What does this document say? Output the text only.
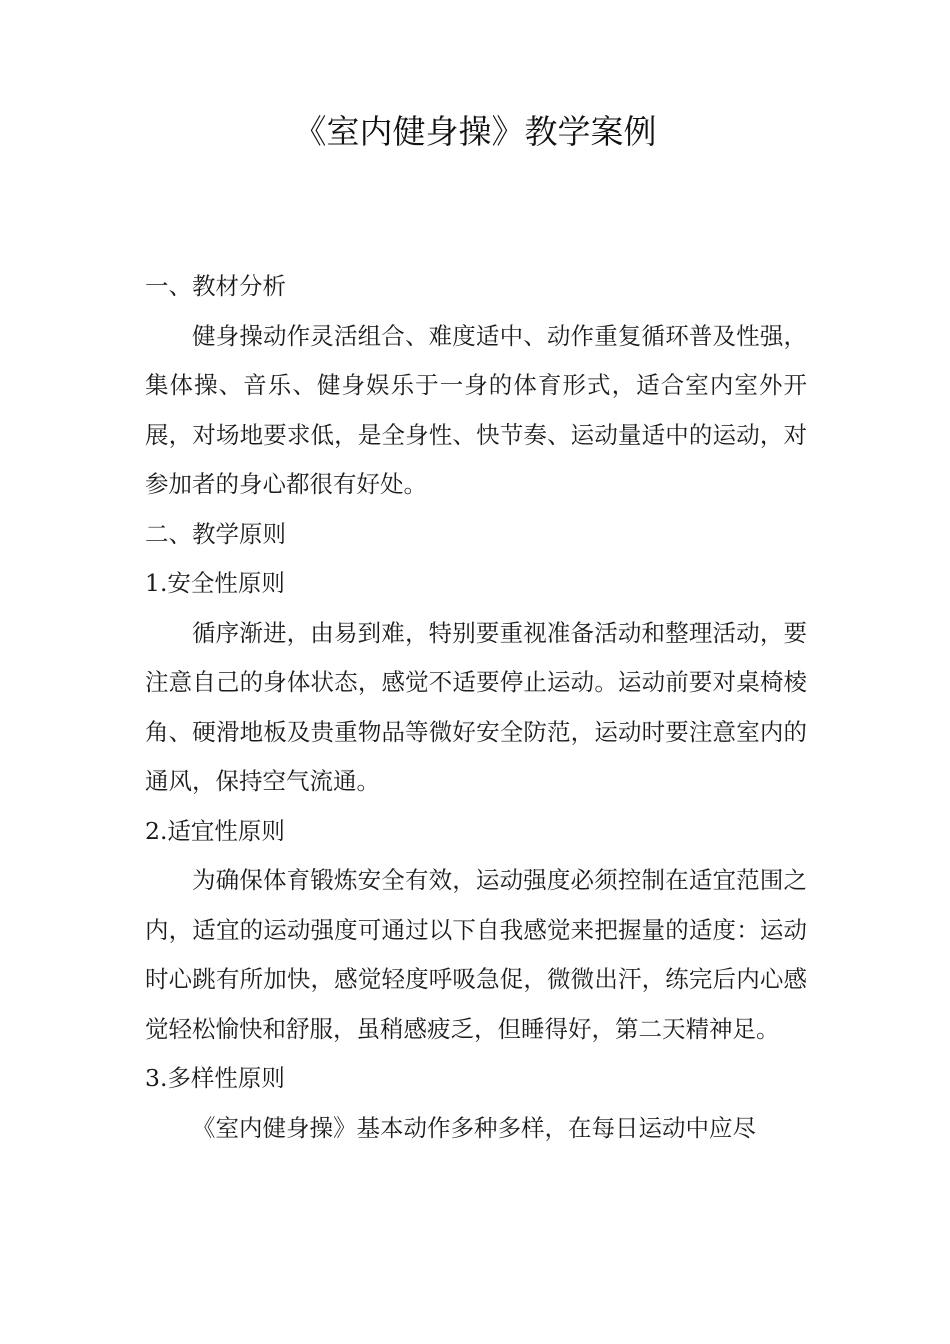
《室内健身操》教学案例

一、教材分析

健身操动作灵活组合、难度适中、动作重复循环普及性强，集体操、音乐、健身娱乐于一身的体育形式，适合室内室外开展，对场地要求低，是全身性、快节奏、运动量适中的运动，对参加者的身心都很有好处。

二、教学原则

1.安全性原则

循序渐进，由易到难，特别要重视准备活动和整理活动，要注意自己的身体状态，感觉不适要停止运动。运动前要对桌椅棱角、硬滑地板及贵重物品等微好安全防范，运动时要注意室内的通风，保持空气流通。

2.适宜性原则

为确保体育锻炼安全有效，运动强度必须控制在适宜范围之内，适宜的运动强度可通过以下自我感觉来把握量的适度：运动时心跳有所加快，感觉轻度呼吸急促，微微出汗，练完后内心感觉轻松愉快和舒服，虽稍感疲乏，但睡得好，第二天精神足。

3.多样性原则

《室内健身操》基本动作多种多样，在每日运动中应尽
